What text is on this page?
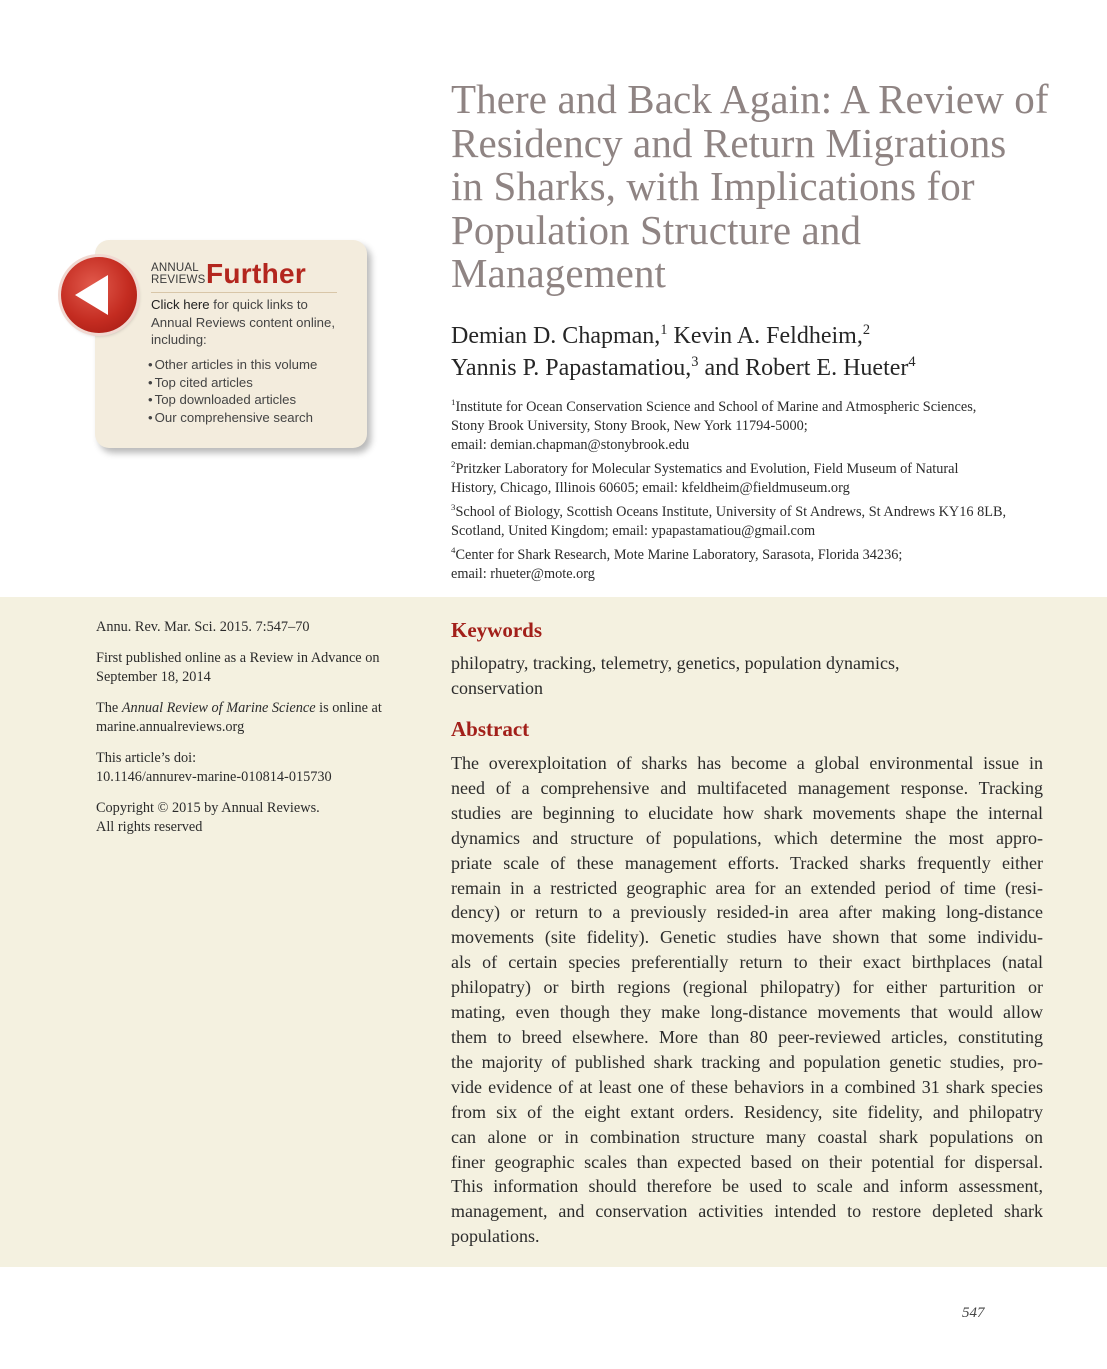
There and Back Again: A Review of
Residency and Return Migrations
in Sharks, with Implications for
Population Structure and
Management
Demian D. Chapman,$^1$ Kevin A. Feldheim,$^2$
Yannis P. Papastamatiou,$^3$ and Robert E. Hueter$^4$
$^1$Institute for Ocean Conservation Science and School of Marine and Atmospheric Sciences,
Stony Brook University, Stony Brook, New York 11794-5000;
email: demian.chapman@stonybrook.edu
$^2$Pritzker Laboratory for Molecular Systematics and Evolution, Field Museum of Natural
History, Chicago, Illinois 60605; email: kfeldheim@fieldmuseum.org
$^3$School of Biology, Scottish Oceans Institute, University of St Andrews, St Andrews KY16 8LB,
Scotland, United Kingdom; email: ypapastamatiou@gmail.com
$^4$Center for Shark Research, Mote Marine Laboratory, Sarasota, Florida 34236;
email: rhueter@mote.org
ANNUAL
REVIEWS Further
Click here for quick links to
Annual Reviews content online,
including:
• Other articles in this volume
• Top cited articles
• Top downloaded articles
• Our comprehensive search
Annu. Rev. Mar. Sci. 2015. 7:547–70
First published online as a Review in Advance on
September 18, 2014
The Annual Review of Marine Science is online at
marine.annualreviews.org
This article’s doi:
10.1146/annurev-marine-010814-015730
Copyright © 2015 by Annual Reviews.
All rights reserved
Keywords
philopatry, tracking, telemetry, genetics, population dynamics,
conservation
Abstract
The overexploitation of sharks has become a global environmental issue in
need of a comprehensive and multifaceted management response. Tracking
studies are beginning to elucidate how shark movements shape the internal
dynamics and structure of populations, which determine the most appro-
priate scale of these management efforts. Tracked sharks frequently either
remain in a restricted geographic area for an extended period of time (resi-
dency) or return to a previously resided-in area after making long-distance
movements (site fidelity). Genetic studies have shown that some individu-
als of certain species preferentially return to their exact birthplaces (natal
philopatry) or birth regions (regional philopatry) for either parturition or
mating, even though they make long-distance movements that would allow
them to breed elsewhere. More than 80 peer-reviewed articles, constituting
the majority of published shark tracking and population genetic studies, pro-
vide evidence of at least one of these behaviors in a combined 31 shark species
from six of the eight extant orders. Residency, site fidelity, and philopatry
can alone or in combination structure many coastal shark populations on
finer geographic scales than expected based on their potential for dispersal.
This information should therefore be used to scale and inform assessment,
management, and conservation activities intended to restore depleted shark
populations.
547
